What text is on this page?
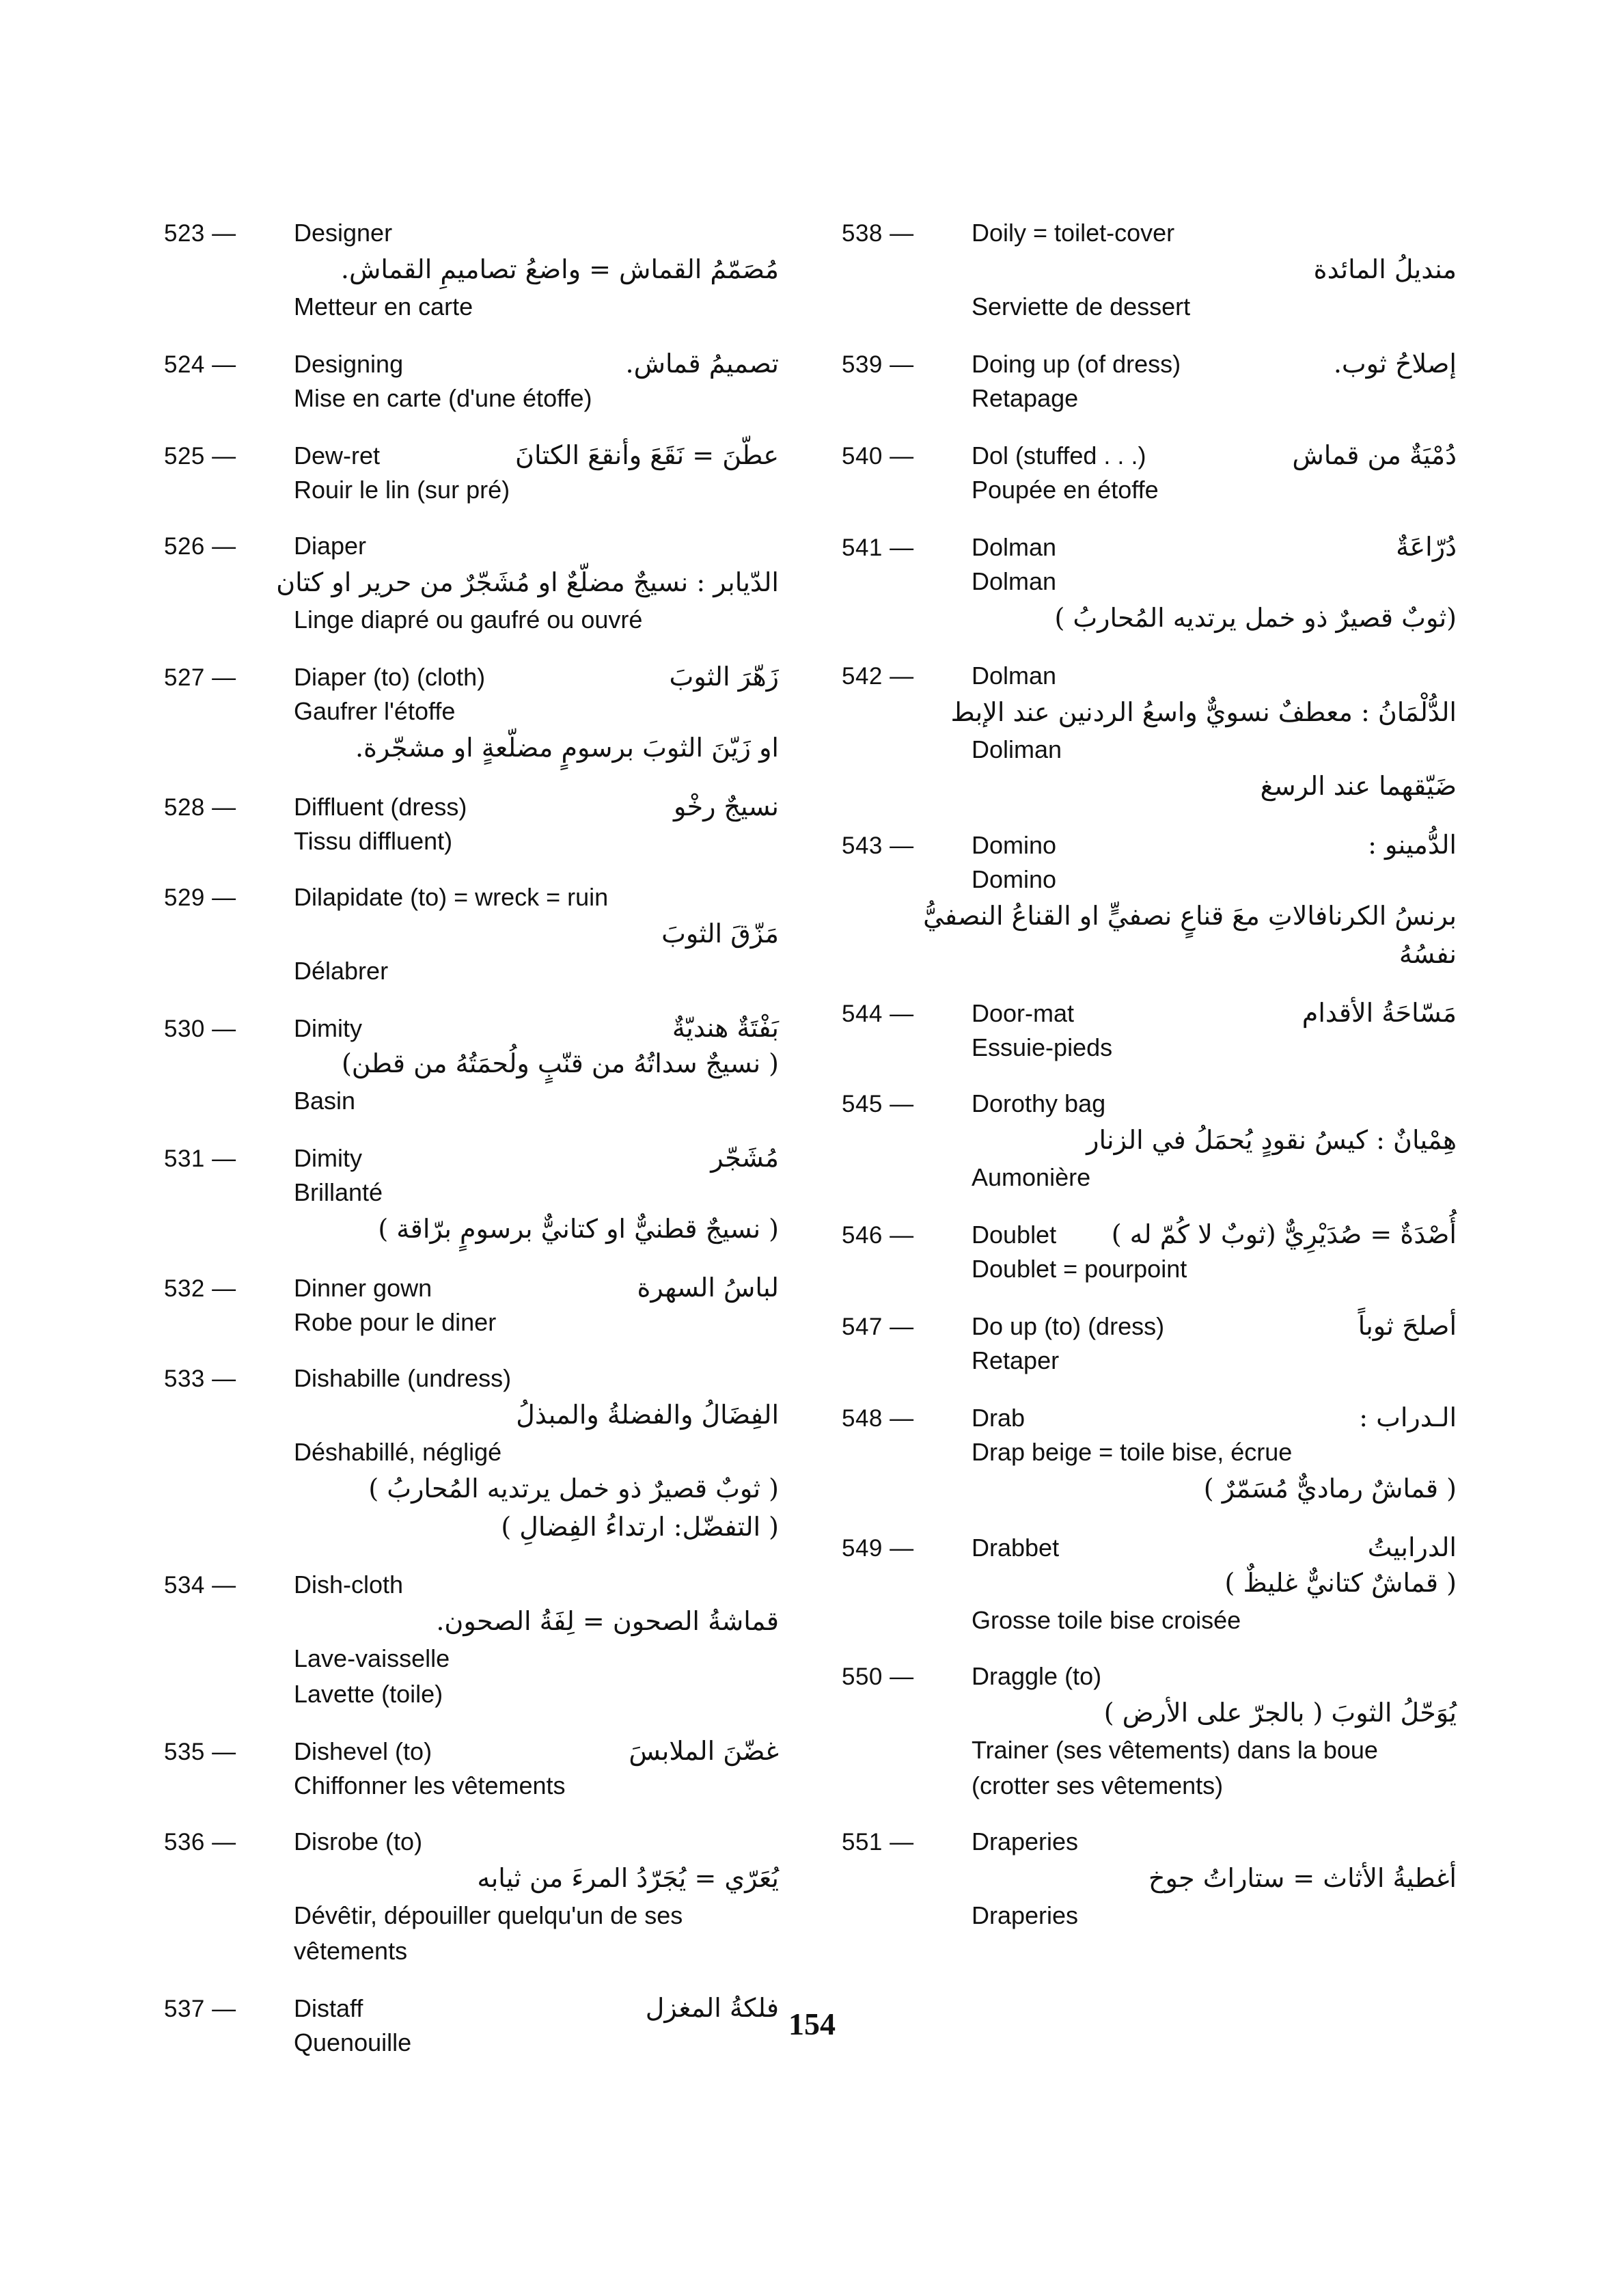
523 —	Designer
مُصَمّمُ القماش = واضعُ تصاميمِ القماش.
Metteur en carte
524 —	Designing	تصميمُ قماش.
Mise en carte (d'une étoffe)
525 —	Dew-ret	عطّنَ = نَقَعَ وأنقعَ الكتانَ
Rouir le lin (sur pré)
526 —	Diaper
الدّيابر : نسيجٌ مضلّعٌ او مُشَجّرٌ من حرير او كتان
Linge diapré ou gaufré ou ouvré
527 —	Diaper (to) (cloth)	زَهّرَ الثوبَ
Gaufrer l'étoffe
او زَيّنَ الثوبَ برسومٍ مضلّعةٍ او مشجّرة.
528 —	Diffluent (dress)	نسيجٌ رخْو
Tissu diffluent)
529 —	Dilapidate (to) = wreck = ruin
مَزّقَ الثوبَ
Délabrer
530 —	Dimity	بَفْتَةٌ هنديّةٌ
( نسيجٌ سداتُهُ من قنّبٍ ولُحمَتُهُ من قطن)
Basin
531 —	Dimity	مُشَجّر
Brillanté
( نسيجٌ قطنيٌّ او كتانيٌّ برسومٍ برّاقة )
532 —	Dinner gown	لباسُ السهرة
Robe pour le diner
533 —	Dishabille (undress)
الفِضَالُ والفضلةُ والمبذلُ
Déshabillé, négligé
( ثوبٌ قصيرٌ ذو خمل يرتديه المُحاربُ )
( التفضّل: ارتداءُ الفِضالِ )
534 —	Dish-cloth
قماشةُ الصحون = لِفَةُ الصحون.
Lave-vaisselle
Lavette (toile)
535 —	Dishevel (to)	غضّنَ الملابسَ
Chiffonner les vêtements
536 —	Disrobe (to)
يُعَرّي = يُجَرّدُ المرءَ من ثيابه
Dévêtir, dépouiller quelqu'un de ses
vêtements
537 —	Distaff	فلكةُ المغزل
Quenouille
538 —	Doily = toilet-cover
منديلُ المائدة
Serviette de dessert
539 —	Doing up (of dress)	إصلاحُ ثوب.
Retapage
540 —	Dol (stuffed . . .)	دُمْيَةٌ من قماش
Poupée en étoffe
541 —	Dolman	دُرّاعَةٌ
Dolman
(ثوبٌ قصيرٌ ذو خمل يرتديه المُحاربُ )
542 —	Dolman
الدُّلْمَانُ : معطفٌ نسويٌّ واسعُ الردنين عند الإبط
Doliman
ضَيّقهما عند الرسغ
543 —	Domino	الدُّمينو :
Domino
برنسُ الكرنافالاتِ معَ قناعٍ نصفيٍّ او القناعُ النصفيُّ
نفسُهُ
544 —	Door-mat	مَسّاحَةُ الأقدام
Essuie-pieds
545 —	Dorothy bag
هِمْيانٌ : كيسُ نقودٍ يُحمَلُ في الزنار
Aumonière
546 —	Doublet أُصْدَةٌ = صُدَيْرِيٌّ (ثوبٌ لا كُمّ له )
Doublet = pourpoint
547 —	Do up (to) (dress)	أصلحَ ثوباً
Retaper
548 —	Drab	الـدراب :
Drap beige = toile bise, écrue
( قماشٌ رماديٌّ مُسَمّرٌ )
549 —	Drabbet	الدرابيتُ
( قماشٌ كتانيٌّ غليظٌ )
Grosse toile bise croisée
550 —	Draggle (to)
يُوَحّلُ الثوبَ ( بالجرّ على الأرض )
Trainer (ses vêtements) dans la boue
(crotter ses vêtements)
551 —	Draperies
أغطيةُ الأثاث = ستاراتُ جوخ
Draperies
154
